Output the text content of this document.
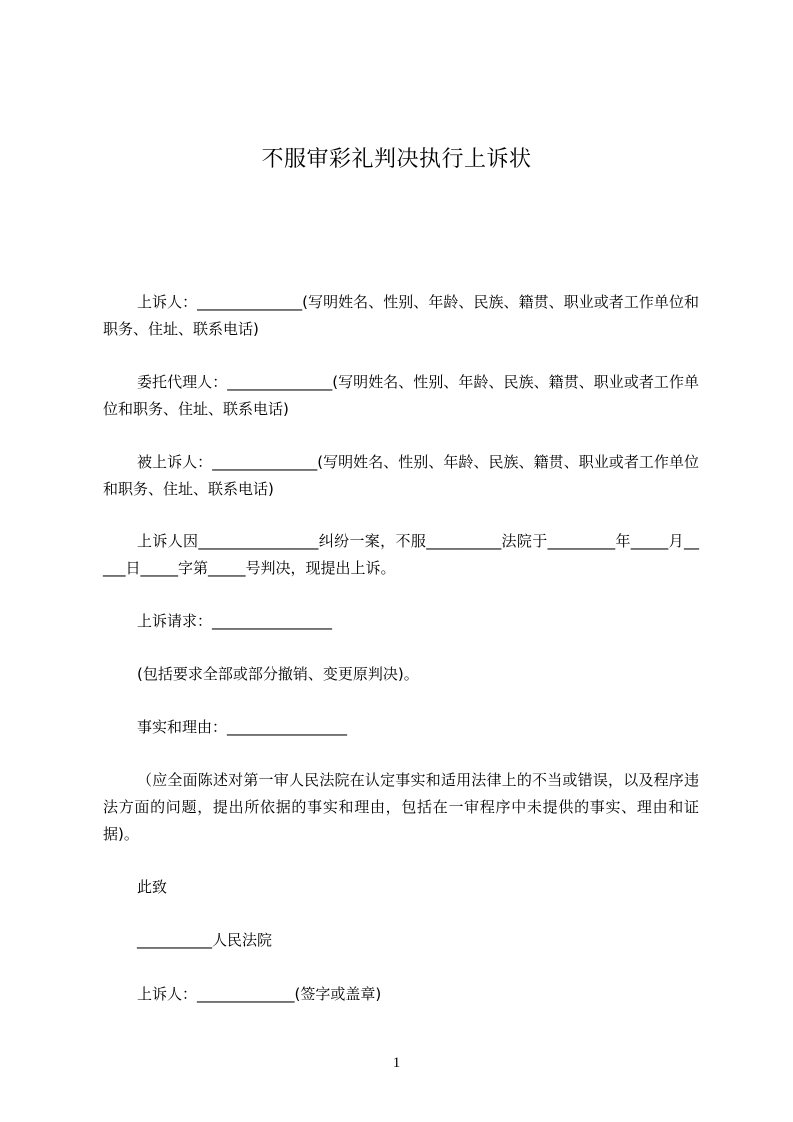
不服审彩礼判决执行上诉状
上诉人：______________(写明姓名、性别、年龄、民族、籍贯、职业或者工作单位和职务、住址、联系电话)
委托代理人：______________(写明姓名、性别、年龄、民族、籍贯、职业或者工作单位和职务、住址、联系电话)
被上诉人：______________(写明姓名、性别、年龄、民族、籍贯、职业或者工作单位和职务、住址、联系电话)
上诉人因________________纠纷一案，不服__________法院于_________年_____月_____日_____字第_____号判决，现提出上诉。
上诉请求：________________
(包括要求全部或部分撤销、变更原判决)。
事实和理由：________________
（应全面陈述对第一审人民法院在认定事实和适用法律上的不当或错误，以及程序违法方面的问题，提出所依据的事实和理由，包括在一审程序中未提供的事实、理由和证据)。
此致
__________人民法院
上诉人：_____________(签字或盖章)
1
